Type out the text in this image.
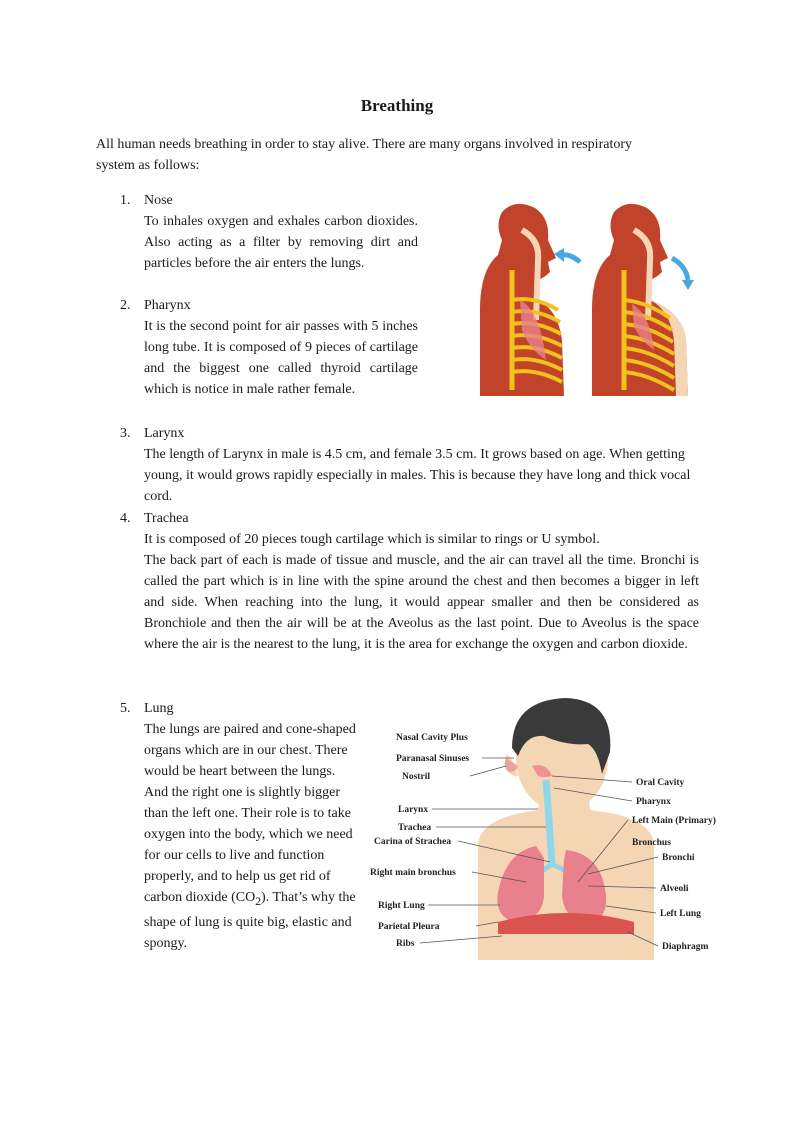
Breathing
All human needs breathing in order to stay alive. There are many organs involved in respiratory system as follows:
1. Nose
To inhales oxygen and exhales carbon dioxides. Also acting as a filter by removing dirt and particles before the air enters the lungs.
2. Pharynx
It is the second point for air passes with 5 inches long tube. It is composed of 9 pieces of cartilage and the biggest one called thyroid cartilage which is notice in male rather female.
3. Larynx
The length of Larynx in male is 4.5 cm, and female 3.5 cm. It grows based on age. When getting young, it would grows rapidly especially in males. This is because they have long and thick vocal cord.
4. Trachea
It is composed of 20 pieces tough cartilage which is similar to rings or U symbol.
The back part of each is made of tissue and muscle, and the air can travel all the time. Bronchi is called the part which is in line with the spine around the chest and then becomes a bigger in left and side. When reaching into the lung, it would appear smaller and then be considered as Bronchiole and then the air will be at the Aveolus as the last point. Due to Aveolus is the space where the air is the nearest to the lung, it is the area for exchange the oxygen and carbon dioxide.
5. Lung
The lungs are paired and cone-shaped organs which are in our chest. There would be heart between the lungs. And the right one is slightly bigger than the left one. Their role is to take oxygen into the body, which we need for our cells to live and function properly, and to help us get rid of carbon dioxide $(CO_2)$. That’s why the shape of lung is quite big, elastic and spongy.
Nasal Cavity Plus
Paranasal Sinuses
Nostril
Larynx
Trachea
Carina of Strachea
Right main bronchus
Right Lung
Parietal Pleura
Ribs
Oral Cavity
Pharynx
Left Main (Primary)
Bronchus
Bronchi
Alveoli
Left Lung
Diaphragm
